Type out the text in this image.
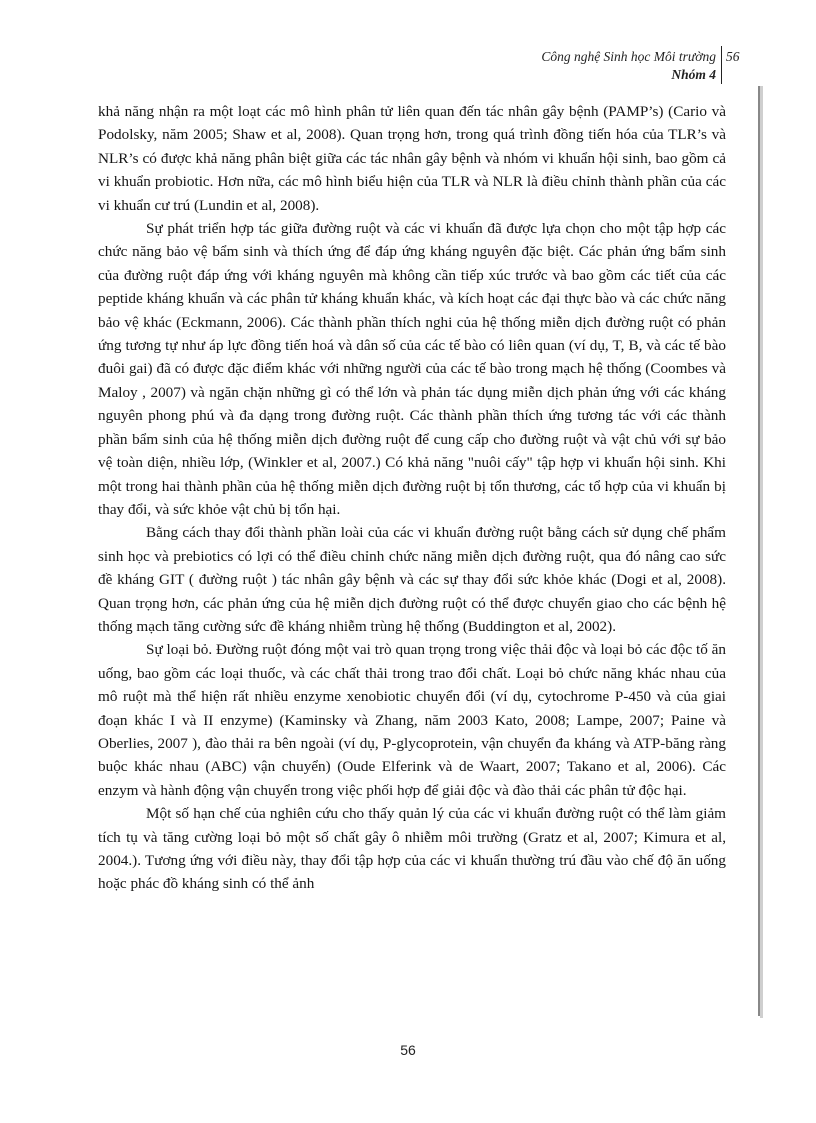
Công nghệ Sinh học Môi trường
Nhóm 4
56

khả năng nhận ra một loạt các mô hình phân tử liên quan đến tác nhân gây bệnh (PAMP’s) (Cario và Podolsky, năm 2005; Shaw et al, 2008). Quan trọng hơn, trong quá trình đồng tiến hóa của TLR’s và NLR’s có được khả năng phân biệt giữa các tác nhân gây bệnh và nhóm vi khuẩn hội sinh, bao gồm cả vi khuẩn probiotic. Hơn nữa, các mô hình biểu hiện của TLR và NLR là điều chỉnh thành phần của các vi khuẩn cư trú (Lundin et al, 2008).

Sự phát triển hợp tác giữa đường ruột và các vi khuẩn đã được lựa chọn cho một tập hợp các chức năng bảo vệ bẩm sinh và thích ứng để đáp ứng kháng nguyên đặc biệt. Các phản ứng bẩm sinh của đường ruột đáp ứng với kháng nguyên mà không cần tiếp xúc trước và bao gồm các tiết của các peptide kháng khuẩn và các phân tử kháng khuẩn khác, và kích hoạt các đại thực bào và các chức năng bảo vệ khác (Eckmann, 2006). Các thành phần thích nghi của hệ thống miễn dịch đường ruột có phản ứng tương tự như áp lực đồng tiến hoá và dân số của các tế bào có liên quan (ví dụ, T, B, và các tế bào đuôi gai) đã có được đặc điểm khác với những người của các tế bào trong mạch hệ thống (Coombes và Maloy , 2007) và ngăn chặn những gì có thể lớn và phản tác dụng miễn dịch phản ứng với các kháng nguyên phong phú và đa dạng trong đường ruột. Các thành phần thích ứng tương tác với các thành phần bẩm sinh của hệ thống miễn dịch đường ruột để cung cấp cho đường ruột và vật chủ với sự bảo vệ toàn diện, nhiều lớp, (Winkler et al, 2007.) Có khả năng "nuôi cấy" tập hợp vi khuẩn hội sinh. Khi một trong hai thành phần của hệ thống miễn dịch đường ruột bị tổn thương, các tổ hợp của vi khuẩn bị thay đổi, và sức khỏe vật chủ bị tổn hại.

Bằng cách thay đổi thành phần loài của các vi khuẩn đường ruột bằng cách sử dụng chế phẩm sinh học và prebiotics có lợi có thể điều chỉnh chức năng miễn dịch đường ruột, qua đó nâng cao sức đề kháng GIT ( đường ruột ) tác nhân gây bệnh và các sự thay đổi sức khỏe khác (Dogi et al, 2008). Quan trọng hơn, các phản ứng của hệ miễn dịch đường ruột có thể được chuyển giao cho các bệnh hệ thống mạch tăng cường sức đề kháng nhiễm trùng hệ thống (Buddington et al, 2002).

Sự loại bỏ. Đường ruột đóng một vai trò quan trọng trong việc thải độc và loại bỏ các độc tố ăn uống, bao gồm các loại thuốc, và các chất thải trong trao đổi chất. Loại bỏ chức năng khác nhau của mô ruột mà thể hiện rất nhiều enzyme xenobiotic chuyển đổi (ví dụ, cytochrome P-450 và của giai đoạn khác I và II enzyme) (Kaminsky và Zhang, năm 2003 Kato, 2008; Lampe, 2007; Paine và Oberlies, 2007 ), đào thải ra bên ngoài (ví dụ, P-glycoprotein, vận chuyển đa kháng và ATP-băng ràng buộc khác nhau (ABC) vận chuyển) (Oude Elferink và de Waart, 2007; Takano et al, 2006). Các enzym và hành động vận chuyển trong việc phối hợp để giải độc và đào thải các phân tử độc hại.

Một số hạn chế của nghiên cứu cho thấy quản lý của các vi khuẩn đường ruột có thể làm giảm tích tụ và tăng cường loại bỏ một số chất gây ô nhiễm môi trường (Gratz et al, 2007; Kimura et al, 2004.). Tương ứng với điều này, thay đổi tập hợp của các vi khuẩn thường trú đầu vào chế độ ăn uống hoặc phác đồ kháng sinh có thể ảnh

56
